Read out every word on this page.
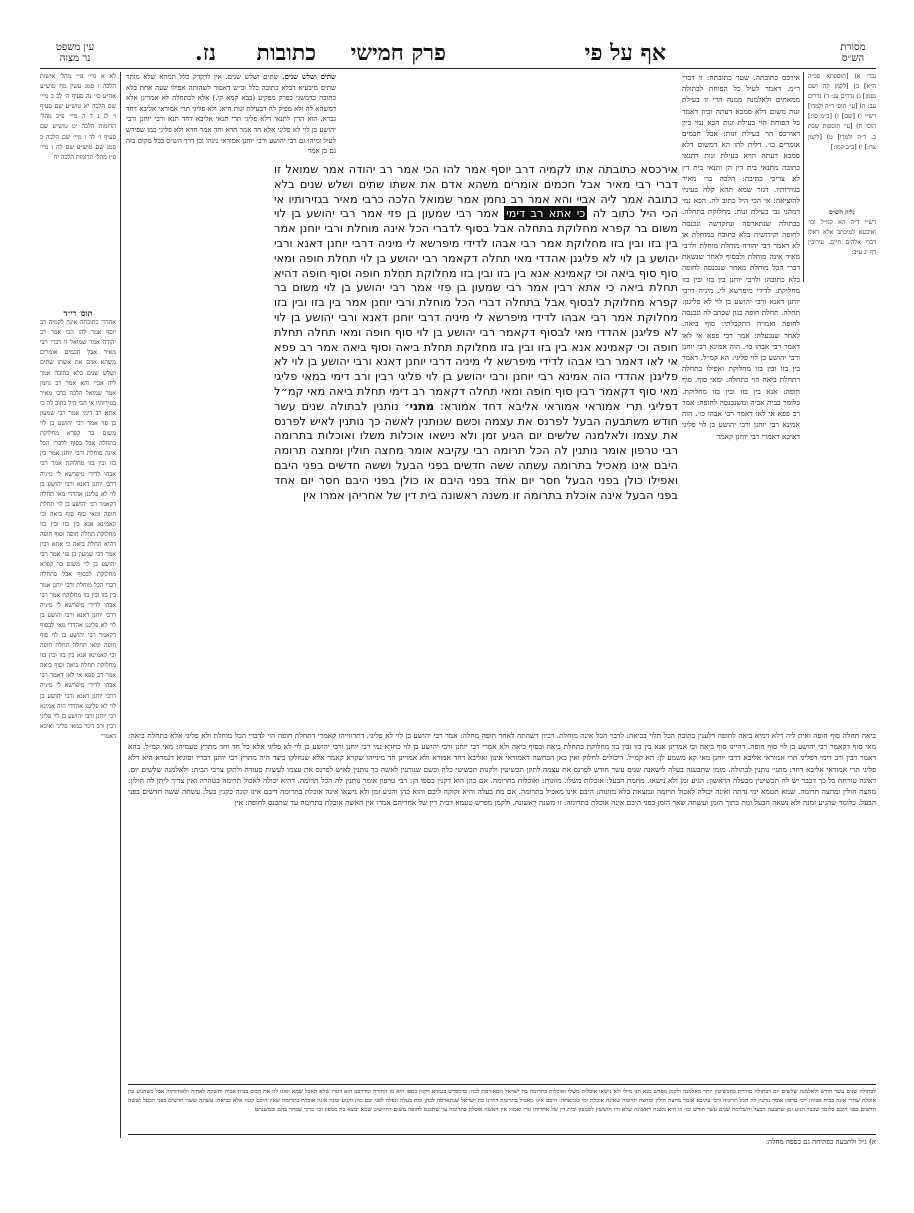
מסורת
הש״ס
אף על פי
פרק חמישי
כתובות
נז.
עין משפט
נר מצוה
נבר׳ א) [תוספתא פכ״ה ה״א] ב) [לקמן קה ושם נסמן] ג) נדרים עג: ד) נדרים עב: ה) [עי׳ תוס׳ ד״ה ולמדו] רש״י ו) [שם] ז) [ב״מ סו:] תוס׳ ח) [עי׳ תוספות שבת כ. ד״ה ולמדו] ט) [לקמן צח:] י) [ב״ב קמו:]
גליון הש״ס
רש״י ד״ה הא קמ״ל וכו׳ ואיבעא למיכתב אלא ראלו דברי אלהים חיים. עירובין דף יג ע״ב:
אירכס כתובתה. שטר כתובתה: זו דברי ר״מ. דאמר לעיל כל הפוחת לבתולה ממאתים ולאלמנה ממנה הרי זו בעילת זנות משום דלא סמכא דעתה וכיון דאמר כל הפוחת הוי בעילת זנות הכא נמי כיון דאירכס הוי בעילת זנות: אבל חכמים אומרים כו׳. דלית להו הא דמשום דלא סמכא דעתה הויא בעילת זנות דתנאי כתובה מתנאי בית דין הן ותנאי בית דין לא צריכי כתיבה: הלכה כר׳ מאיר בגזירותיו. דגזר שמא תהא קלה בעיניו להוציאה: אי הכי היל כתוב לה. הכא נמי דמהני גבי בעילת זנות: מחלוקת בתחלה. בבתולה שנתארסה ונתקדשה ונכנסה לחופה וקידושיה בלא כתובה כמוחלת או לא דאמר רבי יהודה מוחלת מוחלת ולרבי מאיר אינה מוחלת ולבסוף לאחר שנשאת דברי הכל מוחלת מאחר שנכנסה לחופה בלא כתובה: ולרבי יוחנן בין בזו ובין בזו מחלוקת: לדידי מיפרשא לי. מיניה דרבי יוחנן דאנא ורבי יהושע בן לוי לא פליגנן: תחלה. תחלת חופה כגון שכתב לה ונכנסה לחופה ואמרה התקבלתי: סוף ביאה. לאחר שנבעלה: אמר רבי פפא אי לאו דאמר רבי אבהו כו׳. הוה אמינא רבי יוחנן ורבי יהושע בן לוי פליגי: הא קמ״ל. דאמר בין בזו ובין בזו מחלוקת ואפילו בתחלה דתחלת ביאה הוי כתחלה: ומאי סוף. סוף חופה: אנא בין בזו ובין בזו מחלוקת. כלומר בבית אביה ומשנכנסה לחופה: אמר רב פפא אי לאו דאמר רבי אבהו כו׳. הוה אמינא רבי יוחנן ורבי יהושע בן לוי פליגי דאיכא דאמרי רבי יוחנן קאמר
לא א מיי׳ פ״י מהל׳ אישות הלכה ו סמג עשין מח טוש״ע אה״ע סי׳ נה סעיף ה׳ לב ב מיי׳ שם הלכה יא טוש״ע שם סעיף ו׳ לג ג ד ה מיי׳ פ״ב מהל׳ תרומות הלכה יט טוש״ע שם סעיף ז׳ לד ו מיי׳ שם הלכה כ סמג שם טוש״ע שם לה ז מיי׳ פ״ו מהל׳ תרומות הלכה יח
תוס׳ רי״ד
אהדדי כתובתה אינה לקמיה רב יוסף אמר להו הכי אמר רב יהודה אמר שמואל זו דברי רבי מאיר אבל חכמים אומרים משהא אדם את אשתו שתים ושלש שנים בלא כתובה אמר ליה אביי והא אמר רב נחמן אמר שמואל הלכה כרבי מאיר בגזירותיו אי הכי היל כתוב לה כי אתא רב דימי אמר רבי שמעון בן פזי אמר רבי יהושע בן לוי משום בר קפרא מחלוקת בתחלה אבל בסוף לדברי הכל אינה מוחלת ורבי יוחנן אמר בין בזו ובין בזו מחלוקת אמר רבי אבהו לדידי מיפרשא לי מיניה דרבי יוחנן דאנא ורבי יהושע בן לוי לא פליגנן אהדדי מאי תחלה דקאמר רבי יהושע בן לוי תחלת חופה ומאי סוף סוף ביאה וכי קאמינא אנא בין בזו ובין בזו מחלוקת תחלת חופה וסוף חופה דהיא תחלת ביאה כי אתא רבין אמר רבי שמעון בן פזי אמר רבי יהושע בן לוי משום בר קפרא מחלוקת לבסוף אבל בתחלה דברי הכל מוחלת ורבי יוחנן אמר בין בזו ובין בזו מחלוקת אמר רבי אבהו לדידי מיפרשא לי מיניה דרבי יוחנן דאנא ורבי יהושע בן לוי לא פליגנן אהדדי מאי לבסוף דקאמר רבי יהושע בן לוי סוף חופה ומאי תחלה תחלת חופה וכי קאמינא אנא בין בזו ובין בזו מחלוקת תחלת ביאה וסוף ביאה אמר רב פפא אי לאו דאמר רבי אבהו לדידי מיפרשא לי מיניה דרבי יוחנן דאנא ורבי יהושע בן לוי לא פליגנן אהדדי הוה אמינא רבי יוחנן ורבי יהושע בן לוי פליגי רבין ורב דימי במאי פליגי ואיכא דאמרי
שתים ושלש שנים. שתים ושלש שנים. אין לדקדק כלל תמהא שלא מותר שתים מיבעיא דבלא כתובה כלל וכ״ש דאסור לשהותה אפילו שעה אחת בלא כתובה כדמשני בפרק מפקיע (בבא קמא קי.) אלא לכתחלה לא אמרינן אלא דמשהא לה ולא מפיק לה דבעילת זנות היא: ולא פליגי תרי אמוראי אליבא דחד גברא. הוא הדין לתנאי דלא פליגי תרי תנאי אליבא דחד תנא ורבי יוחנן ורבי יהושע בן לוי לא פליגי אלא חד אמר חדא וחד אמר חדא ולא פליגי כמו שפירש לעיל ומיהו גם רבי יהושע ורבי יוחנן אמוראי נינהו וכן דרך הש״ס בכל מקום בזה גם כן אמר
אירכסא כתובתה אתו לקמיה דרב יוסף אמר להו הכי אמר רב יהודה אמר שמואל זו דברי רבי מאיר אבל חכמים אומרים משהא אדם את אשתו שתים ושלש שנים בלא כתובה אמר ליה אביי והא אמר רב נחמן אמר שמואל הלכה כרבי מאיר בגזירותיו אי הכי היל כתוב לה כי אתא רב דימי אמר רבי שמעון בן פזי אמר רבי יהושע בן לוי משום בר קפרא מחלוקת בתחלה אבל בסוף לדברי הכל אינה מוחלת ורבי יוחנן אמר בין בזו ובין בזו מחלוקת אמר רבי אבהו לדידי מיפרשא לי מיניה דרבי יוחנן דאנא ורבי יהושע בן לוי לא פליגנן אהדדי מאי תחלה דקאמר רבי יהושע בן לוי תחלת חופה ומאי סוף סוף ביאה וכי קאמינא אנא בין בזו ובין בזו מחלוקת תחלת חופה וסוף חופה דהיא תחלת ביאה כי אתא רבין אמר רבי שמעון בן פזי אמר רבי יהושע בן לוי משום בר קפרא מחלוקת לבסוף אבל בתחלה דברי הכל מוחלת ורבי יוחנן אמר בין בזו ובין בזו מחלוקת אמר רבי אבהו לדידי מיפרשא לי מיניה דרבי יוחנן דאנא ורבי יהושע בן לוי לא פליגנן אהדדי מאי לבסוף דקאמר רבי יהושע בן לוי סוף חופה ומאי תחלה תחלת חופה וכי קאמינא אנא בין בזו ובין בזו מחלוקת תחלת ביאה וסוף ביאה אמר רב פפא אי לאו דאמר רבי אבהו לדידי מיפרשא לי מיניה דרבי יוחנן דאנא ורבי יהושע בן לוי לא פליגנן אהדדי הוה אמינא רבי יוחנן ורבי יהושע בן לוי פליגי רבין ורב דימי במאי פליגי מאי סוף דקאמר רבין סוף חופה ומאי תחלה דקאמר רב דימי תחלת ביאה מאי קמ״ל דפליגי תרי אמוראי אמוראי אליבא דחד אמורא: מתני׳ נותנין לבתולה שנים עשר חודש משתבעה הבעל לפרנס את עצמה וכשם שנותנין לאשה כך נותנין לאיש לפרנס את עצמו ולאלמנה שלשים יום הגיע זמן ולא נישאו אוכלות משלו ואוכלות בתרומה רבי טרפון אומר נותנין לה הכל תרומה רבי עקיבא אומר מחצה חולין ומחצה תרומה היבם אינו מאכיל בתרומה עשתה ששה חדשים בפני הבעל וששה חדשים בפני היבם ואפילו כולן בפני הבעל חסר יום אחד בפני היבם או כולן בפני היבם חסר יום אחד בפני הבעל אינה אוכלת בתרומה זו משנה ראשונה בית דין של אחריהן אמרו אין
ביאה תחלה סוף חופה ואית ליה דלא דמיא ביאה לחופה דלענין כתובה הכל תלוי בביאה: לדבר הכל אינה מוחלת. דכיון דשהתה לאחר חופה מחלה: אמר רבי יהושע בן לוי לא פליגי. דתרווייהו קאמרי דתחלת חופה הוי לדברי הכל מוחלת ולא פליגי אלא בתחלת ביאה: מאי סוף דקאמר רבי יהושע בן לוי סוף חופה. דהיינו סוף ביאה וכי אמרינן אנא בין בזו ובין בזו מחלוקת בתחלת ביאה ובסוף ביאה ולא אמרי רבי יוחנן ורבי יהושע בן לוי כחדא נמי רבי יוחנן ורבי יהושע בן לוי לא פליגי אלא כל חד וחד מתרץ טעמיה: מאי קמ״ל. בהא דאמר רבין ורב דימי דפליגי תרי אמוראי אליבא דרבי יוחנן מאי קא משמע לן: הא קמ״ל. דיכולים לחלוק ואין כאן הכחשה דאמוראי אינון ואליבא דחד אמורא ולא אמרינן חד מינייהו שקרא קאמר אלא שנחלקו כיצד היה מתרץ רבי יוחנן דבריו וסוגיא דגמרא היא דלא פליגי תרי אמוראי אליבא דחד: מתני׳ נותנין לבתולה. מזמן שתבענה בעלה לישאנה שנים עשר חודש לפרנס את עצמה לתקן תכשיטין ולקנות תכשיטי כלה וכשם שנותנין לאשה כך נותנין לאיש לפרנס את עצמו לעשות סעודה ולתקן צרכי הבית: ולאלמנה שלשים יום. דאינה טורחת כל כך דכבר יש לה תכשיטין מבעלה הראשון: הגיע זמן ולא נישאו. מחמת הבעל: אוכלות משלו. מזונות: ואוכלות בתרומה. אם כהן הוא דקנין כספו הן: רבי טרפון אומר נותנין לה הכל תרומה. דהיא יכולה לאכול תרומה בטהרה ואין צריך ליתן לה חולין: מחצה חולין ומחצה תרומה. שמא תטמא ימי נדתה ואינה יכולה לאכול תרומה ונמצאת בלא מזונות: היבם אינו מאכיל בתרומה. אם מת בעלה והיא זקוקה ליבם והוא כהן והגיע זמן ולא נישאו אינה אוכלת בתרומה דיבם אינו קונה כקנין בעל: עשתה ששה חדשים בפני הבעל. כלומר שהגיע זמנה ולא נשאה הבעל ומת בתוך הזמן ועשתה שאר הזמן בפני היבם אינה אוכלת בתרומה: זו משנה ראשונה. ולקמן מפרש טעמא דבית דין של אחריהם אמרו אין האשה אוכלת בתרומה עד שתכנס לחופה: אין
לבתולה שנים עשר חודש ולאלמנה שלשים יום דבתולה טורחת בתכשיטין יותר מאלמנה ולקמן מפרש מנא הני מילי ולא נישאו אוכלות משלו ואוכלות בתרומה בת ישראל המאורסת לכהן כדמפרש בגמרא דקנין כספו היא מן התורה ומדרבנן הוא דגזרו שלא תאכל שמא ימזגו לה את הכוס בבית אביה ותשקה לאחיה ולאחיותיה אבל כשהגיע זמן אוכלת שהרי אינה בבית אביה: רבי טרפון אומר נותנין לה הכל תרומה ורבי עקיבא אומר מחצה חולין ומחצה תרומה שאינה אוכלת ימי טומאתה: היבם אינו מאכיל בתרומה דהיינו בת ישראל שנתארסה לכהן ומת בעלה ונפלה לפני יבם כהן והגיע זמנה אינה אוכלת בתרומה שאין היבם קונה אלא בביאה: עשתה ששה חדשים בפני הבעל וששה חדשים בפני היבם כלומר שכבר הגיע זמן שתבעה הבעל והשלימה שנים עשר חודש וכו׳ וזו היא משנה ראשונה שלא היו חוששין לסמפון ובית דין של אחריהן גזרו ואמרו אין האשה אוכלת בתרומה עד שתכנס לחופה משום דחיישינן שמא ימצא בה סמפון וכו׳ ברוך שבחר בהם ובמשנתם
א) ג״ל ולתבעה כפתיחה גם כספה מחלה:
